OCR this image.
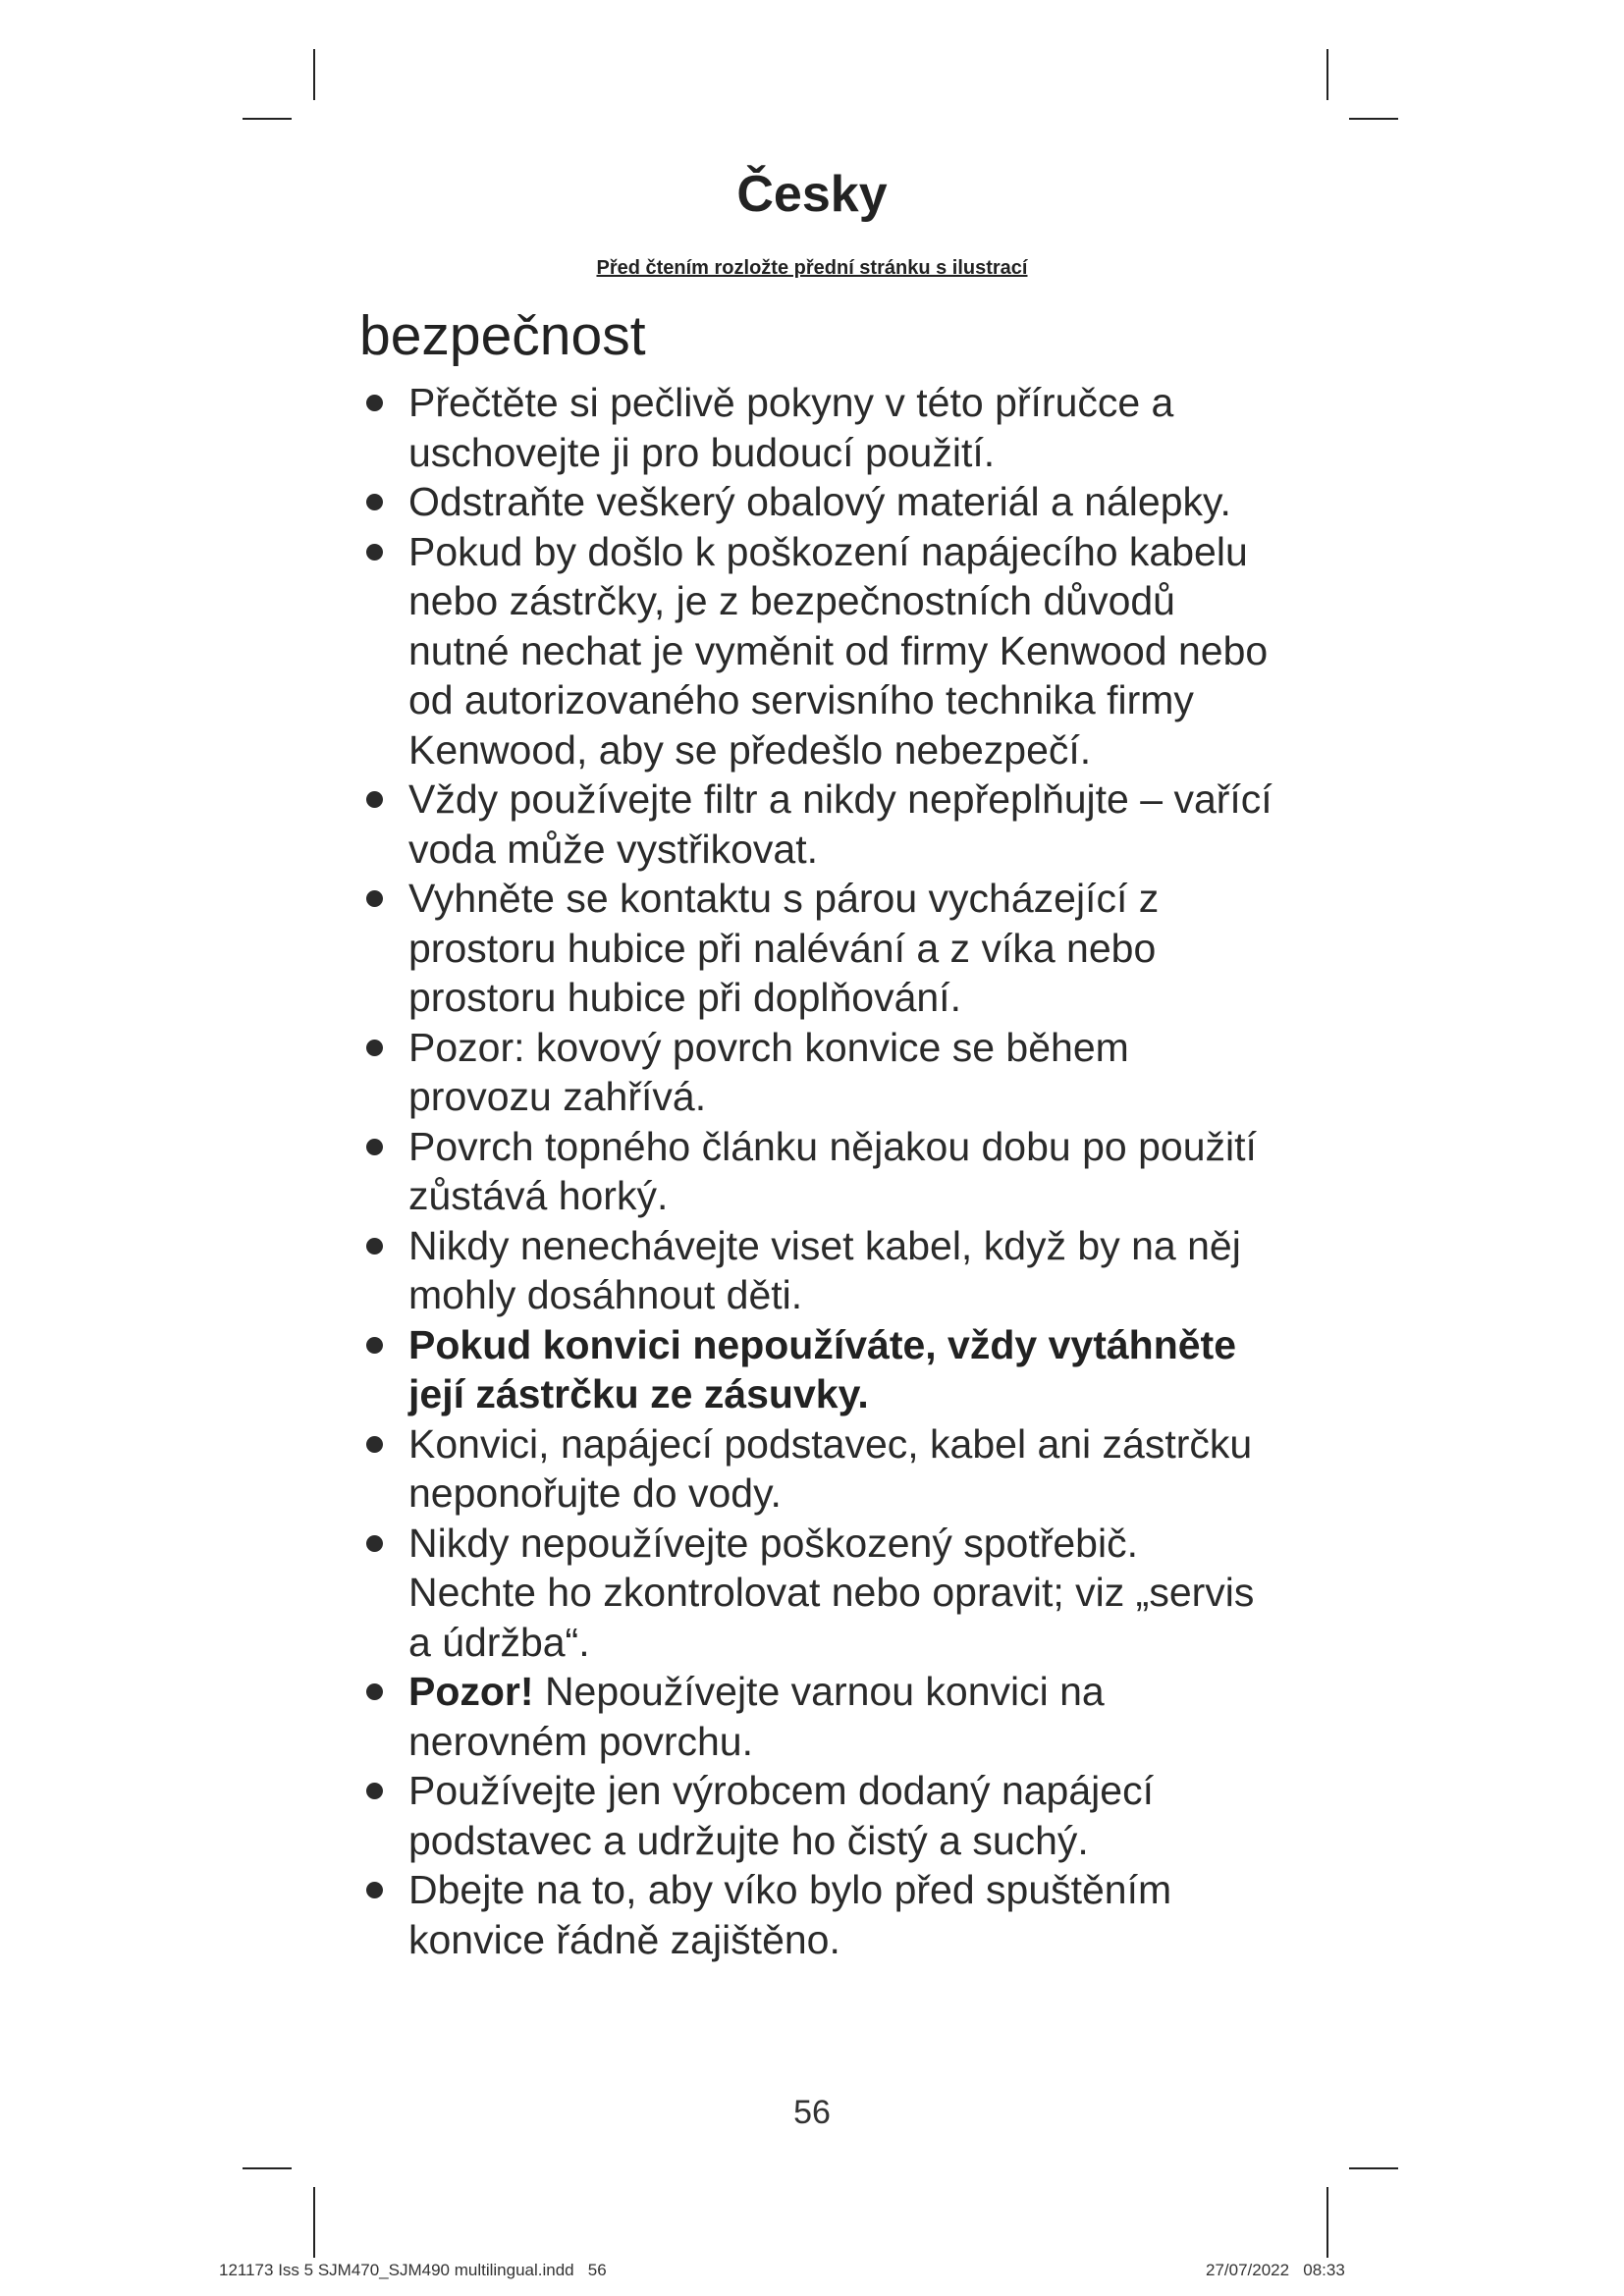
Česky

Před čtením rozložte přední stránku s ilustrací

bezpečnost
Přečtěte si pečlivě pokyny v této příručce a uschovejte ji pro budoucí použití.
Odstraňte veškerý obalový materiál a nálepky.
Pokud by došlo k poškození napájecího kabelu nebo zástrčky, je z bezpečnostních důvodů nutné nechat je vyměnit od firmy Kenwood nebo od autorizovaného servisního technika firmy Kenwood, aby se předešlo nebezpečí.
Vždy používejte filtr a nikdy nepřeplňujte – vařící voda může vystřikovat.
Vyhněte se kontaktu s párou vycházející z prostoru hubice při nalévání a z víka nebo prostoru hubice při doplňování.
Pozor: kovový povrch konvice se během provozu zahřívá.
Povrch topného článku nějakou dobu po použití zůstává horký.
Nikdy nenechávejte viset kabel, když by na něj mohly dosáhnout děti.
Pokud konvici nepoužíváte, vždy vytáhněte její zástrčku ze zásuvky.
Konvici, napájecí podstavec, kabel ani zástrčku neponořujte do vody.
Nikdy nepoužívejte poškozený spotřebič. Nechte ho zkontrolovat nebo opravit; viz „servis a údržba“.
Pozor! Nepoužívejte varnou konvici na nerovném povrchu.
Používejte jen výrobcem dodaný napájecí podstavec a udržujte ho čistý a suchý.
Dbejte na to, aby víko bylo před spuštěním konvice řádně zajištěno.

56

121173 Iss 5 SJM470_SJM490 multilingual.indd   56	27/07/2022   08:33
